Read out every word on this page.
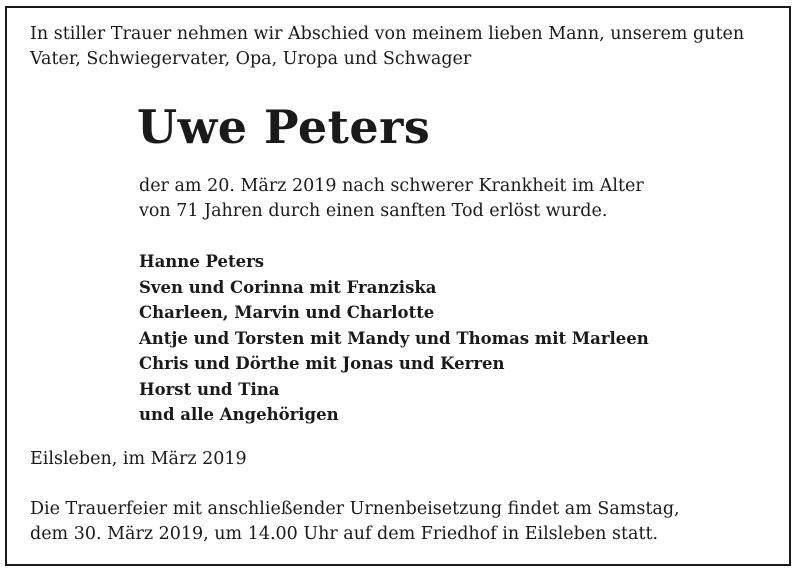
In stiller Trauer nehmen wir Abschied von meinem lieben Mann, unserem guten
Vater, Schwiegervater, Opa, Uropa und Schwager

Uwe Peters

der am 20. März 2019 nach schwerer Krankheit im Alter
von 71 Jahren durch einen sanften Tod erlöst wurde.

Hanne Peters
Sven und Corinna mit Franziska
Charleen, Marvin und Charlotte
Antje und Torsten mit Mandy und Thomas mit Marleen
Chris und Dörthe mit Jonas und Kerren
Horst und Tina
und alle Angehörigen

Eilsleben, im März 2019

Die Trauerfeier mit anschließender Urnenbeisetzung findet am Samstag,
dem 30. März 2019, um 14.00 Uhr auf dem Friedhof in Eilsleben statt.
